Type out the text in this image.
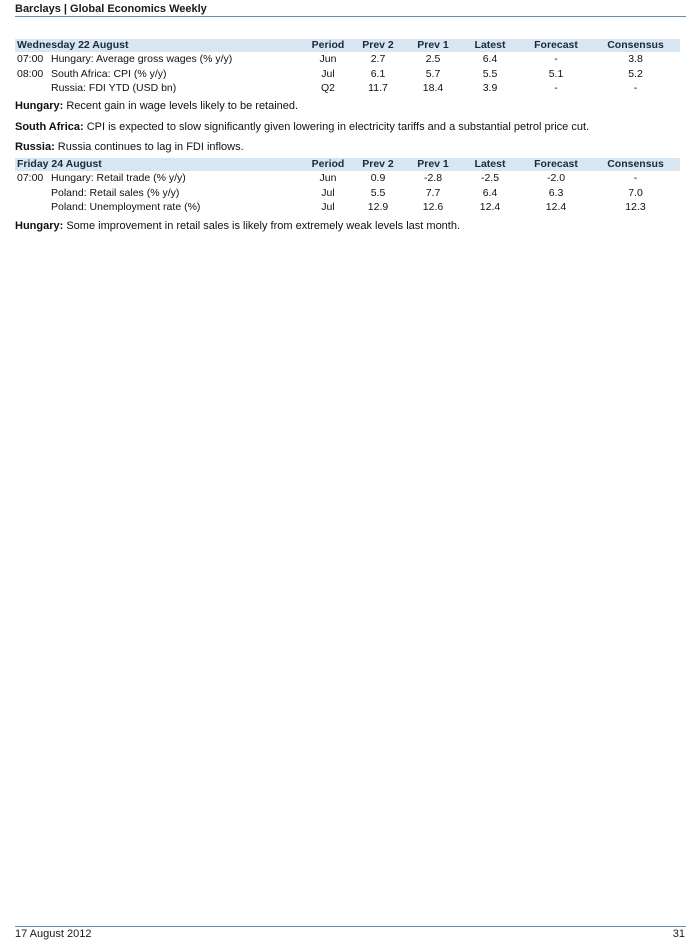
Barclays | Global Economics Weekly
Wednesday 22 August		Period	Prev 2	Prev 1	Latest	Forecast	Consensus
07:00	Hungary: Average gross wages (% y/y)	Jun	2.7	2.5	6.4	-	3.8
08:00	South Africa: CPI (% y/y)	Jul	6.1	5.7	5.5	5.1	5.2
	Russia: FDI YTD (USD bn)	Q2	11.7	18.4	3.9	-	-
Hungary: Recent gain in wage levels likely to be retained.
South Africa: CPI is expected to slow significantly given lowering in electricity tariffs and a substantial petrol price cut.
Russia: Russia continues to lag in FDI inflows.
Friday 24 August		Period	Prev 2	Prev 1	Latest	Forecast	Consensus
07:00	Hungary: Retail trade (% y/y)	Jun	0.9	-2.8	-2.5	-2.0	-
	Poland: Retail sales (% y/y)	Jul	5.5	7.7	6.4	6.3	7.0
	Poland: Unemployment rate (%)	Jul	12.9	12.6	12.4	12.4	12.3
Hungary: Some improvement in retail sales is likely from extremely weak levels last month.
17 August 2012	31
